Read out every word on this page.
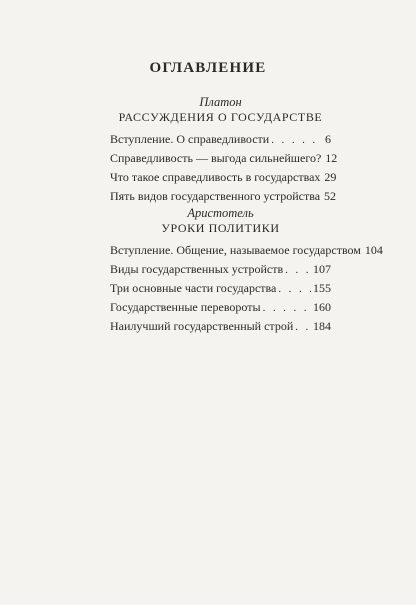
ОГЛАВЛЕНИЕ
Платон
РАССУЖДЕНИЯ О ГОСУДАРСТВЕ
Вступление. О справедливости . . .	6
Справедливость — выгода сильнейшего? 12
Что такое справедливость в государствах 29
Пять видов государственного устройства 52
Аристотель
УРОКИ ПОЛИТИКИ
Вступление. Общение, называемое государством 104
Виды государственных устройств . . . 107
Три основные части государства . . .	155
Государственные перевороты . . .	160
Наилучший государственный строй . . . 184
